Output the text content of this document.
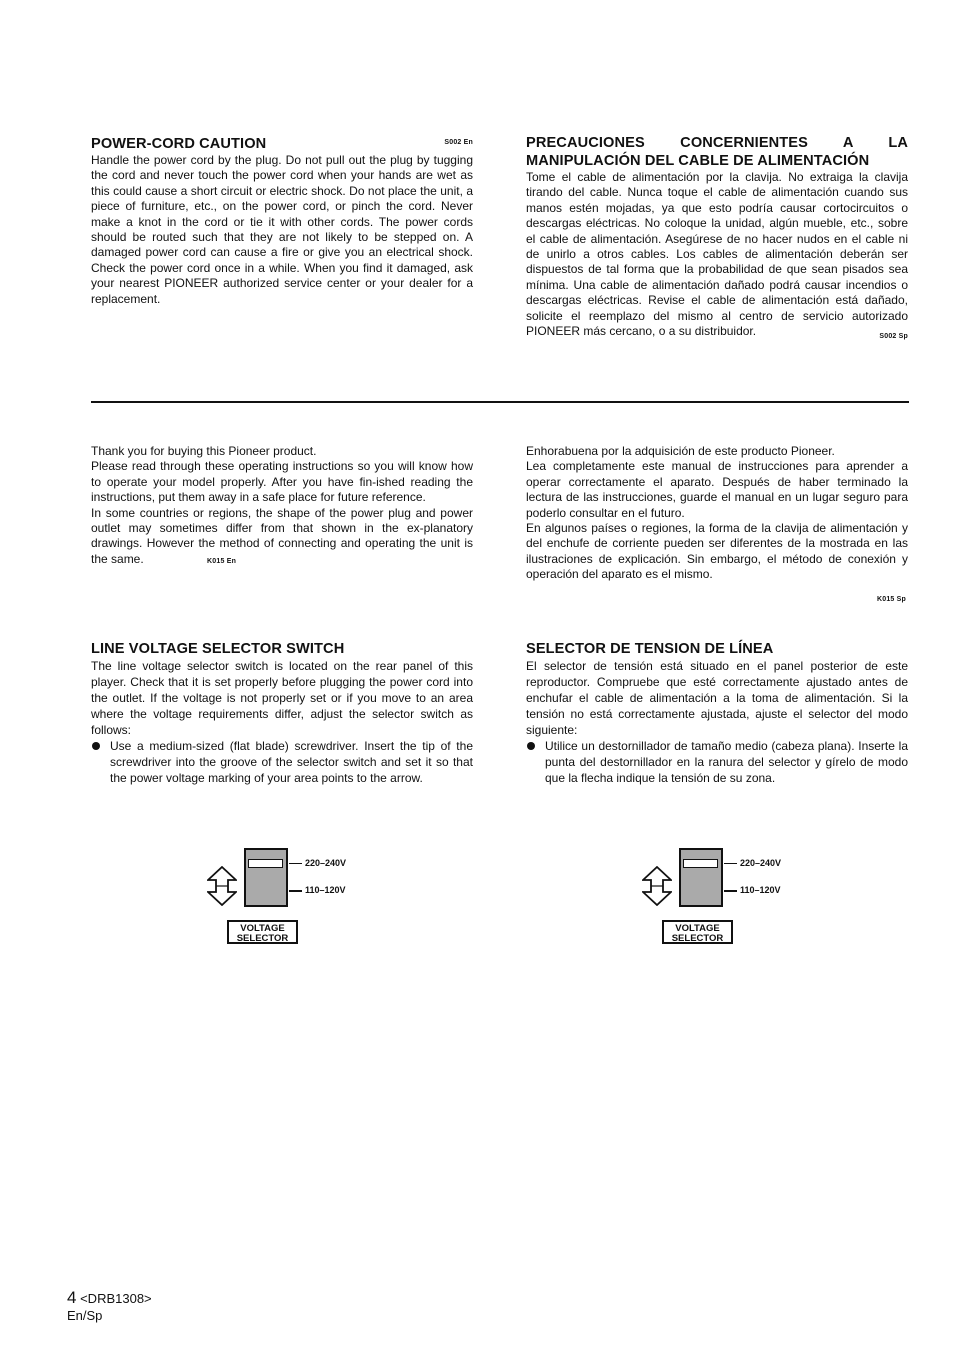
POWER-CORD CAUTION	S002 En

Handle the power cord by the plug. Do not pull out the plug by tugging the cord and never touch the power cord when your hands are wet as this could cause a short circuit or electric shock. Do not place the unit, a piece of furniture, etc., on the power cord, or pinch the cord. Never make a knot in the cord or tie it with other cords. The power cords should be routed such that they are not likely to be stepped on. A damaged power cord can cause a fire or give you an electrical shock. Check the power cord once in a while. When you find it damaged, ask your nearest PIONEER authorized service center or your dealer for a replacement.

PRECAUCIONES CONCERNIENTES A LA MANIPULACIÓN DEL CABLE DE ALIMENTACIÓN

Tome el cable de alimentación por la clavija. No extraiga la clavija tirando del cable. Nunca toque el cable de alimentación cuando sus manos estén mojadas, ya que esto podría causar cortocircuitos o descargas eléctricas. No coloque la unidad, algún mueble, etc., sobre el cable de alimentación. Asegúrese de no hacer nudos en el cable ni de unirlo a otros cables. Los cables de alimentación deberán ser dispuestos de tal forma que la probabilidad de que sean pisados sea mínima. Una cable de alimentación dañado podrá causar incendios o descargas eléctricas. Revise el cable de alimentación está dañado, solicite el reemplazo del mismo al centro de servicio autorizado PIONEER más cercano, o a su distribuidor.	S002 Sp

Thank you for buying this Pioneer product.

Please read through these operating instructions so you will know how to operate your model properly. After you have fin-ished reading the instructions, put them away in a safe place for future reference.

In some countries or regions, the shape of the power plug and power outlet may sometimes differ from that shown in the ex-planatory drawings. However the method of connecting and operating the unit is the same.	K015 En

Enhorabuena por la adquisición de este producto Pioneer.

Lea completamente este manual de instrucciones para aprender a operar correctamente el aparato. Después de haber terminado la lectura de las instrucciones, guarde el manual en un lugar seguro para poderlo consultar en el futuro.

En algunos países o regiones, la forma de la clavija de alimentación y del enchufe de corriente pueden ser diferentes de la mostrada en las ilustraciones de explicación. Sin embargo, el método de conexión y operación del aparato es el mismo.

K015 Sp
LINE VOLTAGE SELECTOR SWITCH

The line voltage selector switch is located on the rear panel of this player. Check that it is set properly before plugging the power cord into the outlet. If the voltage is not properly set or if you move to an area where the voltage requirements differ, adjust the selector switch as follows:

Use a medium-sized (flat blade) screwdriver. Insert the tip of the screwdriver into the groove of the selector switch and set it so that the power voltage marking of your area points to the arrow.
SELECTOR DE TENSION DE LÍNEA

El selector de tensión está situado en el panel posterior de este reproductor. Compruebe que esté correctamente ajustado antes de enchufar el cable de alimentación a la toma de alimentación. Si la tensión no está correctamente ajustada, ajuste el selector del modo siguiente:

Utilice un destornillador de tamaño medio (cabeza plana). Inserte la punta del destornillador en la ranura del selector y gírelo de modo que la flecha indique la tensión de su zona.
220–240V
110–120V
VOLTAGE
SELECTOR
220–240V
110–120V
VOLTAGE
SELECTOR
4 <DRB1308>
En/Sp
